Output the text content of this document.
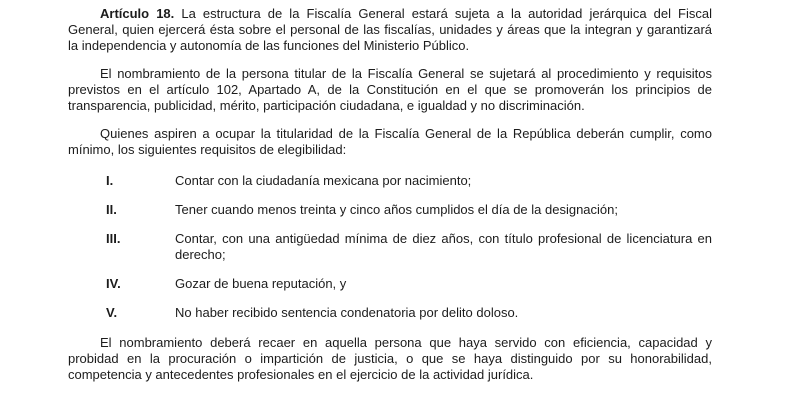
Artículo 18. La estructura de la Fiscalía General estará sujeta a la autoridad jerárquica del Fiscal General, quien ejercerá ésta sobre el personal de las fiscalías, unidades y áreas que la integran y garantizará la independencia y autonomía de las funciones del Ministerio Público.

El nombramiento de la persona titular de la Fiscalía General se sujetará al procedimiento y requisitos previstos en el artículo 102, Apartado A, de la Constitución en el que se promoverán los principios de transparencia, publicidad, mérito, participación ciudadana, e igualdad y no discriminación.

Quienes aspiren a ocupar la titularidad de la Fiscalía General de la República deberán cumplir, como mínimo, los siguientes requisitos de elegibilidad:

I.	Contar con la ciudadanía mexicana por nacimiento;
II.	Tener cuando menos treinta y cinco años cumplidos el día de la designación;
III.	Contar, con una antigüedad mínima de diez años, con título profesional de licenciatura en derecho;
IV.	Gozar de buena reputación, y
V.	No haber recibido sentencia condenatoria por delito doloso.

El nombramiento deberá recaer en aquella persona que haya servido con eficiencia, capacidad y probidad en la procuración o impartición de justicia, o que se haya distinguido por su honorabilidad, competencia y antecedentes profesionales en el ejercicio de la actividad jurídica.
